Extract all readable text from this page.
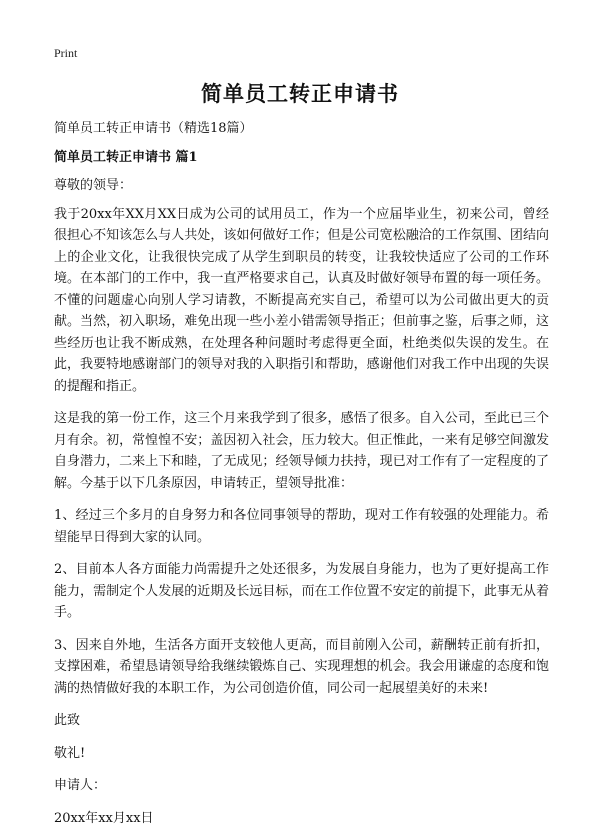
Print
简单员工转正申请书

简单员工转正申请书（精选18篇）

简单员工转正申请书 篇1

尊敬的领导：

我于20xx年XX月XX日成为公司的试用员工，作为一个应届毕业生，初来公司，曾经很担心不知该怎么与人共处，该如何做好工作；但是公司宽松融洽的工作氛围、团结向上的企业文化，让我很快完成了从学生到职员的转变，让我较快适应了公司的工作环境。在本部门的工作中，我一直严格要求自己，认真及时做好领导布置的每一项任务。不懂的问题虚心向别人学习请教，不断提高充实自己，希望可以为公司做出更大的贡献。当然，初入职场，难免出现一些小差小错需领导指正；但前事之鉴，后事之师，这些经历也让我不断成熟，在处理各种问题时考虑得更全面，杜绝类似失误的发生。在此，我要特地感谢部门的领导对我的入职指引和帮助，感谢他们对我工作中出现的失误的提醒和指正。

这是我的第一份工作，这三个月来我学到了很多，感悟了很多。自入公司，至此已三个月有余。初，常惶惶不安；盖因初入社会，压力较大。但正惟此，一来有足够空间激发自身潜力，二来上下和睦，了无成见；经领导倾力扶持，现已对工作有了一定程度的了解。今基于以下几条原因，申请转正，望领导批准：

1、经过三个多月的自身努力和各位同事领导的帮助，现对工作有较强的处理能力。希望能早日得到大家的认同。

2、目前本人各方面能力尚需提升之处还很多，为发展自身能力，也为了更好提高工作能力，需制定个人发展的近期及长远目标，而在工作位置不安定的前提下，此事无从着手。

3、因来自外地，生活各方面开支较他人更高，而目前刚入公司，薪酬转正前有折扣，支撑困难，希望恳请领导给我继续锻炼自己、实现理想的机会。我会用谦虚的态度和饱满的热情做好我的本职工作，为公司创造价值，同公司一起展望美好的未来!

此致

敬礼!

申请人：

20xx年xx月xx日
